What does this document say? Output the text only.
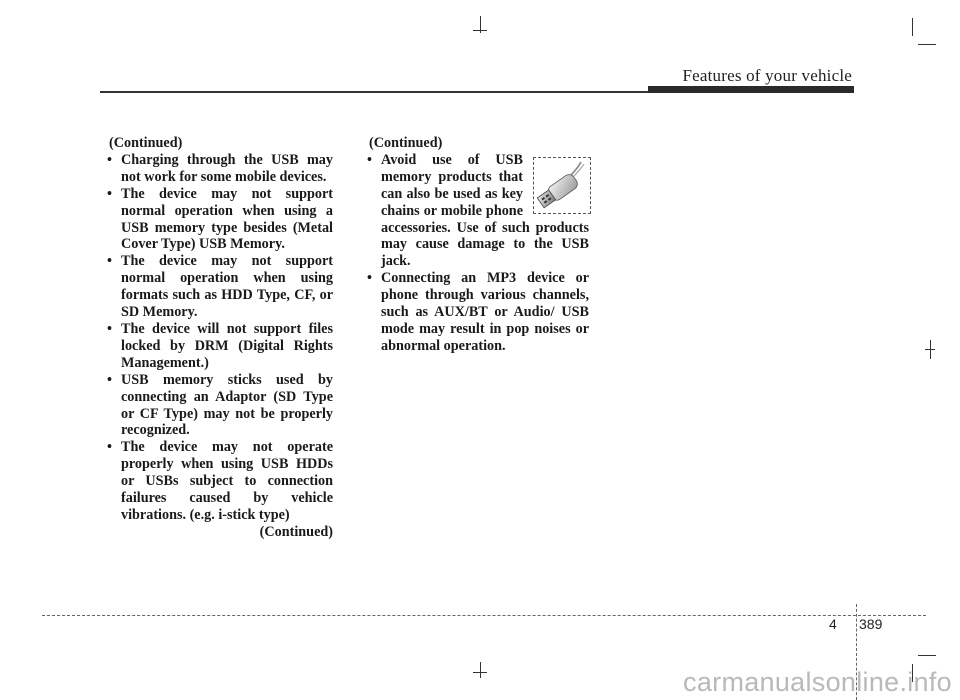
Features of your vehicle
(Continued)
• Charging through the USB may not work for some mobile devices.
• The device may not support normal operation when using a USB memory type besides (Metal Cover Type) USB Memory.
• The device may not support normal operation when using formats such as HDD Type, CF, or SD Memory.
• The device will not support files locked by DRM (Digital Rights Management.)
• USB memory sticks used by connecting an Adaptor (SD Type or CF Type) may not be properly recognized.
• The device may not operate properly when using USB HDDs or USBs subject to connection failures caused by vehicle vibrations. (e.g. i-stick type)
(Continued)
(Continued)
• Avoid use of USB memory products that can also be used as key chains or mobile phone accessories. Use of such products may cause damage to the USB jack.
• Connecting an MP3 device or phone through various channels, such as AUX/BT or Audio/ USB mode may result in pop noises or abnormal operation.
4 389
carmanualsonline.info
